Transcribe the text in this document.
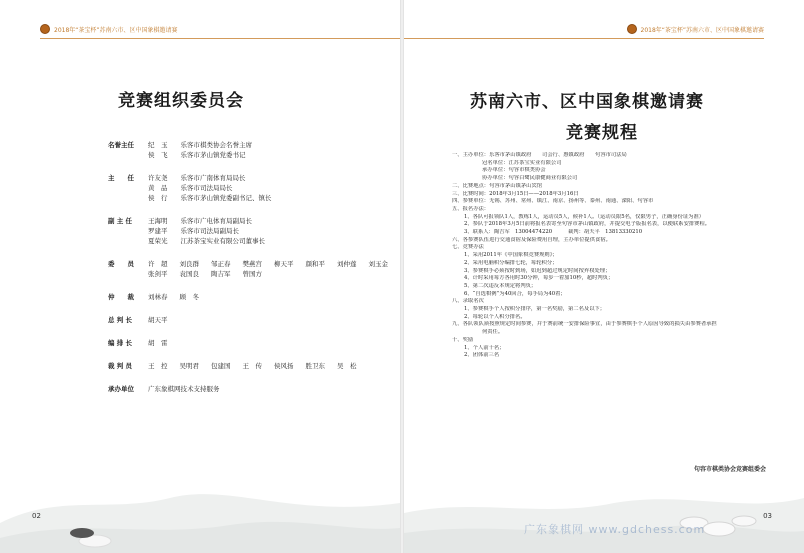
2018年“茶宝杯”苏南六市、区中国象棋邀请赛
竞赛组织委员会
名誉主任	纪　玉　　乐客市棋类协会名誉主席
侯　飞　　乐客市茅山镇党委书记
主　　任	许友尧　　乐客市广南体育局局长
黄　品　　乐客市司法局局长
侯　行　　乐客市茅山镇党委副书记、镇长
副 主 任	王海明　　乐客市广电体育局副局长
罗建平　　乐客市司法局副局长
夏荣光　　江苏茶宝实业有限公司董事长
委　　员	许　超 刘良群 邹正春 樊燕宫 柳天平 颜和平 刘仲莲 刘玉金
张剑平 袁国良 陶吉军 曾国方
仲　　裁	刘林春 顾　冬
总 判 长	胡天平
编 排 长	胡　雷
裁 判 员	王　控 吴明君 包建国 王　传 侯风扬 胜卫东 吴　松
承办单位	广东象棋网技术支持服务
02
2018年“茶宝杯”苏南六市、区中国象棋邀请赛
苏南六市、区中国象棋邀请赛
竞赛规程
一、主办单位：乐客市茅山镇政府　　司会行、惠镇政府　　句容市司法局
冠名单位：江苏茶宝实业有限公司
承办单位：句容市棋类协会
协办单位：句容白鹭民康健商业有限公司
二、比赛地点：句容市茅山镇茅山宾馆
三、比赛时间：2018年3月15日——2018年3月16日
四、参赛单位：无锡、苏州、常州、镇江、南京、扬州等、泰州、南通、溧阳、句容市
五、报名办法：
1、各队可报领队1人，教练1人，运动员5人，候补1人。（运动员限5名，仅限男子，正确身份证为准）
2、参队于2018年3月5日前将报名表寄至句容市茅山镇政府，并提交电子版报名表，以便联系安排赛程。
3、联系人：陶吉军　13004474220　　　裁判：胡天平　13813330210
六、各参赛队伍进行交通食宿及保险费用自理，主办单位提供食宿。
七、竞赛办法
1、采用2011年《中国象棋竞赛规则》；
2、采用电脑积分编排七轮，每轮积分；
3、参赛棋手必须按时到场，如迟到超过规定时间按弃权处理；
4、计时采用每方各用时30分钟，每步一着加10秒，超时判负；
5、第二次违反本规定将判负；
6、“自选棋例”为40回合，每手局为40着；
八、录取名次
1、参赛棋手个人按积分排序，第一名奖励，第二名及以下；
2、每轮以个人积分排名。
九、各队领队须按照规定时间参赛，并于赛前统一安排保险事宜，由于参赛棋手个人原因导致的损失由参赛者承担
何责任。
十、奖励
1、个人前十名；
2、团体前三名
句容市棋类协会竞赛组委会
广东象棋网 www.gdchess.com
03
